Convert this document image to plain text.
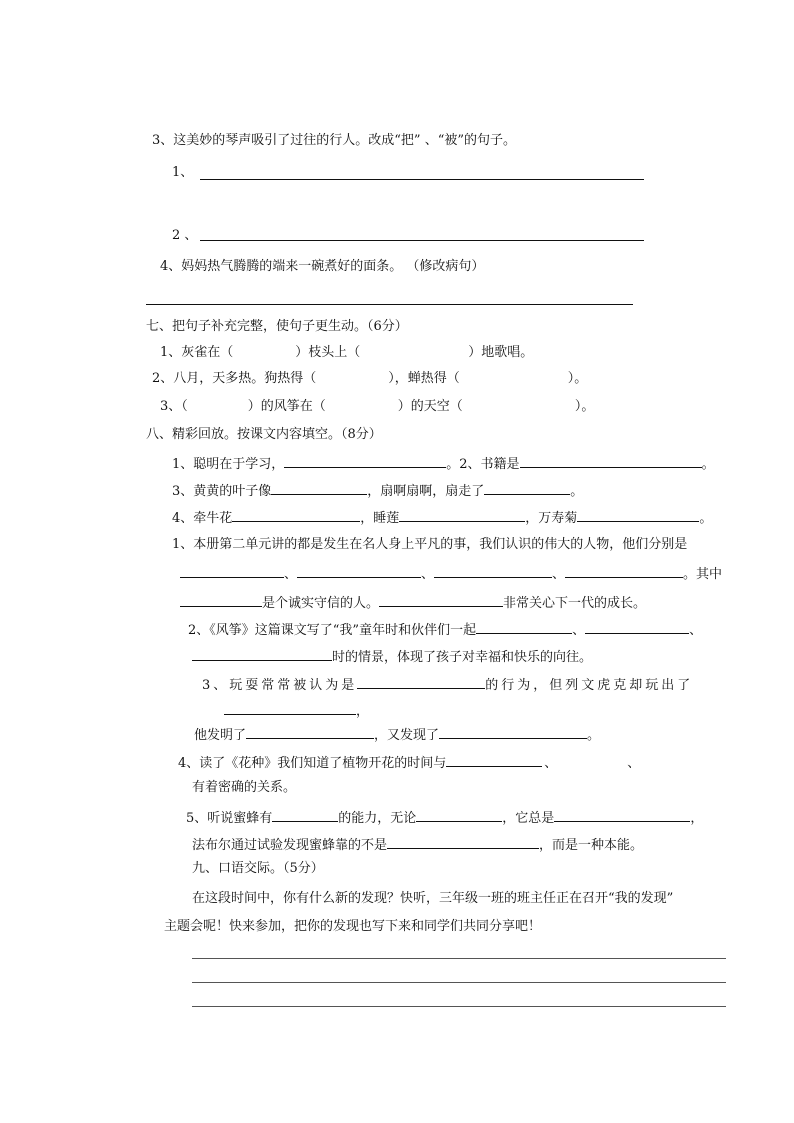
3、这美妙的琴声吸引了过往的行人。改成“把” 、“被”的句子。
1、
2 、
4、妈妈热气腾腾的端来一碗煮好的面条。 （修改病句）
七、把句子补充完整，使句子更生动。（6分）
1、灰雀在（	）枝头上（	）地歌唱。
2、八月，天多热。狗热得（	），蝉热得（	）。
3、（	）的风筝在（	）的天空（	）。
八、精彩回放。按课文内容填空。（8分）
1、聪明在于学习，	。2、书籍是	。
3、黄黄的叶子像	，扇啊扇啊，扇走了	。
4、牵牛花	，睡莲	，万寿菊	。
1、本册第二单元讲的都是发生在名人身上平凡的事，我们认识的伟大的人物，他们分别是
、	、	、	。其中
是个诚实守信的人。	非常关心下一代的成长。
2、《风筝》这篇课文写了“我”童年时和伙伴们一起	、	、
时的情景，体现了孩子对幸福和快乐的向往。
3、玩耍常常被认为是	的行为，但列文虎克却玩出了
，
他发明了	，又发现了	。
4、读了《花种》我们知道了植物开花的时间与	、	、
有着密确的关系。
5、听说蜜蜂有	的能力，无论	，它总是	，
法布尔通过试验发现蜜蜂靠的不是	，而是一种本能。
九、口语交际。（5分）
在这段时间中，你有什么新的发现？快听，三年级一班的班主任正在召开“我的发现”
主题会呢！快来参加，把你的发现也写下来和同学们共同分享吧！
